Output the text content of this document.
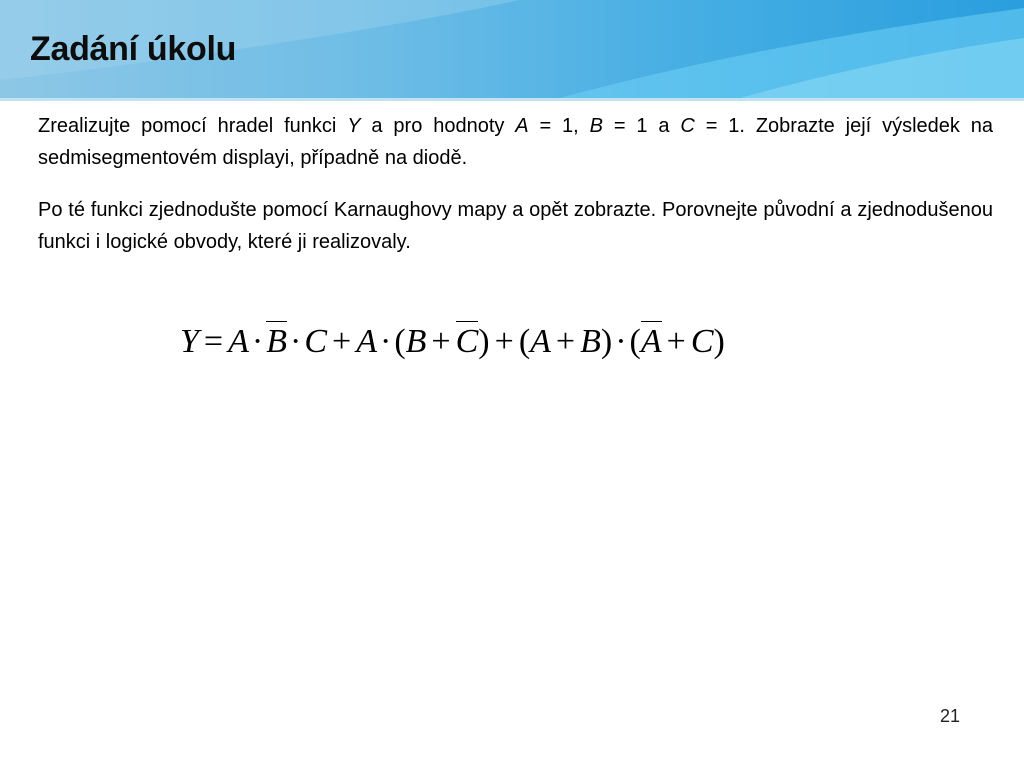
Zadání úkolu

Zrealizujte pomocí hradel funkci Y a pro hodnoty A = 1, B = 1 a C = 1. Zobrazte její výsledek na sedmisegmentovém displayi, případně na diodě.

Po té funkci zjednodušte pomocí Karnaughovy mapy a opět zobrazte. Porovnejte původní a zjednodušenou funkci i logické obvody, které ji realizovaly.

Y = A·B·C + A·(B + C) + (A + B)·(A + C)
21
